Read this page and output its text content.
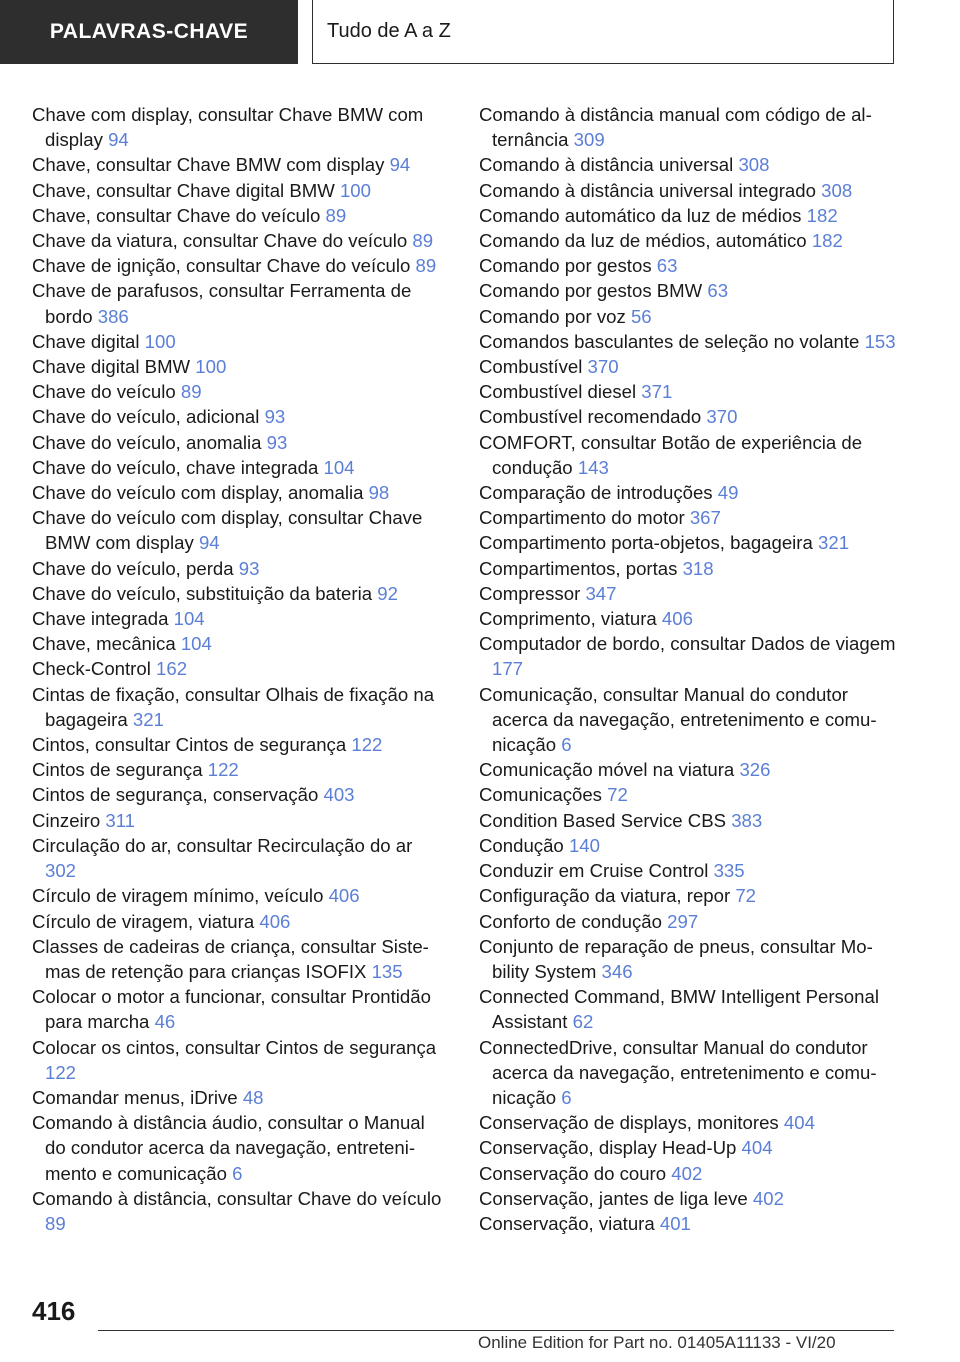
PALAVRAS-CHAVE	Tudo de A a Z
Chave com display, consultar Chave BMW com display 94
Chave, consultar Chave BMW com display 94
Chave, consultar Chave digital BMW 100
Chave, consultar Chave do veículo 89
Chave da viatura, consultar Chave do veículo 89
Chave de ignição, consultar Chave do veículo 89
Chave de parafusos, consultar Ferramenta de bordo 386
Chave digital 100
Chave digital BMW 100
Chave do veículo 89
Chave do veículo, adicional 93
Chave do veículo, anomalia 93
Chave do veículo, chave integrada 104
Chave do veículo com display, anomalia 98
Chave do veículo com display, consultar Chave BMW com display 94
Chave do veículo, perda 93
Chave do veículo, substituição da bateria 92
Chave integrada 104
Chave, mecânica 104
Check-Control 162
Cintas de fixação, consultar Olhais de fixação na bagageira 321
Cintos, consultar Cintos de segurança 122
Cintos de segurança 122
Cintos de segurança, conservação 403
Cinzeiro 311
Circulação do ar, consultar Recirculação do ar 302
Círculo de viragem mínimo, veículo 406
Círculo de viragem, viatura 406
Classes de cadeiras de criança, consultar Sistemas de retenção para crianças ISOFIX 135
Colocar o motor a funcionar, consultar Prontidão para marcha 46
Colocar os cintos, consultar Cintos de segurança 122
Comandar menus, iDrive 48
Comando à distância áudio, consultar o Manual do condutor acerca da navegação, entretenimento e comunicação 6
Comando à distância, consultar Chave do veículo 89
Comando à distância manual com código de alternância 309
Comando à distância universal 308
Comando à distância universal integrado 308
Comando automático da luz de médios 182
Comando da luz de médios, automático 182
Comando por gestos 63
Comando por gestos BMW 63
Comando por voz 56
Comandos basculantes de seleção no volante 153
Combustível 370
Combustível diesel 371
Combustível recomendado 370
COMFORT, consultar Botão de experiência de condução 143
Comparação de introduções 49
Compartimento do motor 367
Compartimento porta-objetos, bagageira 321
Compartimentos, portas 318
Compressor 347
Comprimento, viatura 406
Computador de bordo, consultar Dados de viagem 177
Comunicação, consultar Manual do condutor acerca da navegação, entretenimento e comunicação 6
Comunicação móvel na viatura 326
Comunicações 72
Condition Based Service CBS 383
Condução 140
Conduzir em Cruise Control 335
Configuração da viatura, repor 72
Conforto de condução 297
Conjunto de reparação de pneus, consultar Mobility System 346
Connected Command, BMW Intelligent Personal Assistant 62
ConnectedDrive, consultar Manual do condutor acerca da navegação, entretenimento e comunicação 6
Conservação de displays, monitores 404
Conservação, display Head-Up 404
Conservação do couro 402
Conservação, jantes de liga leve 402
Conservação, viatura 401
416
Online Edition for Part no. 01405A11133 - VI/20
